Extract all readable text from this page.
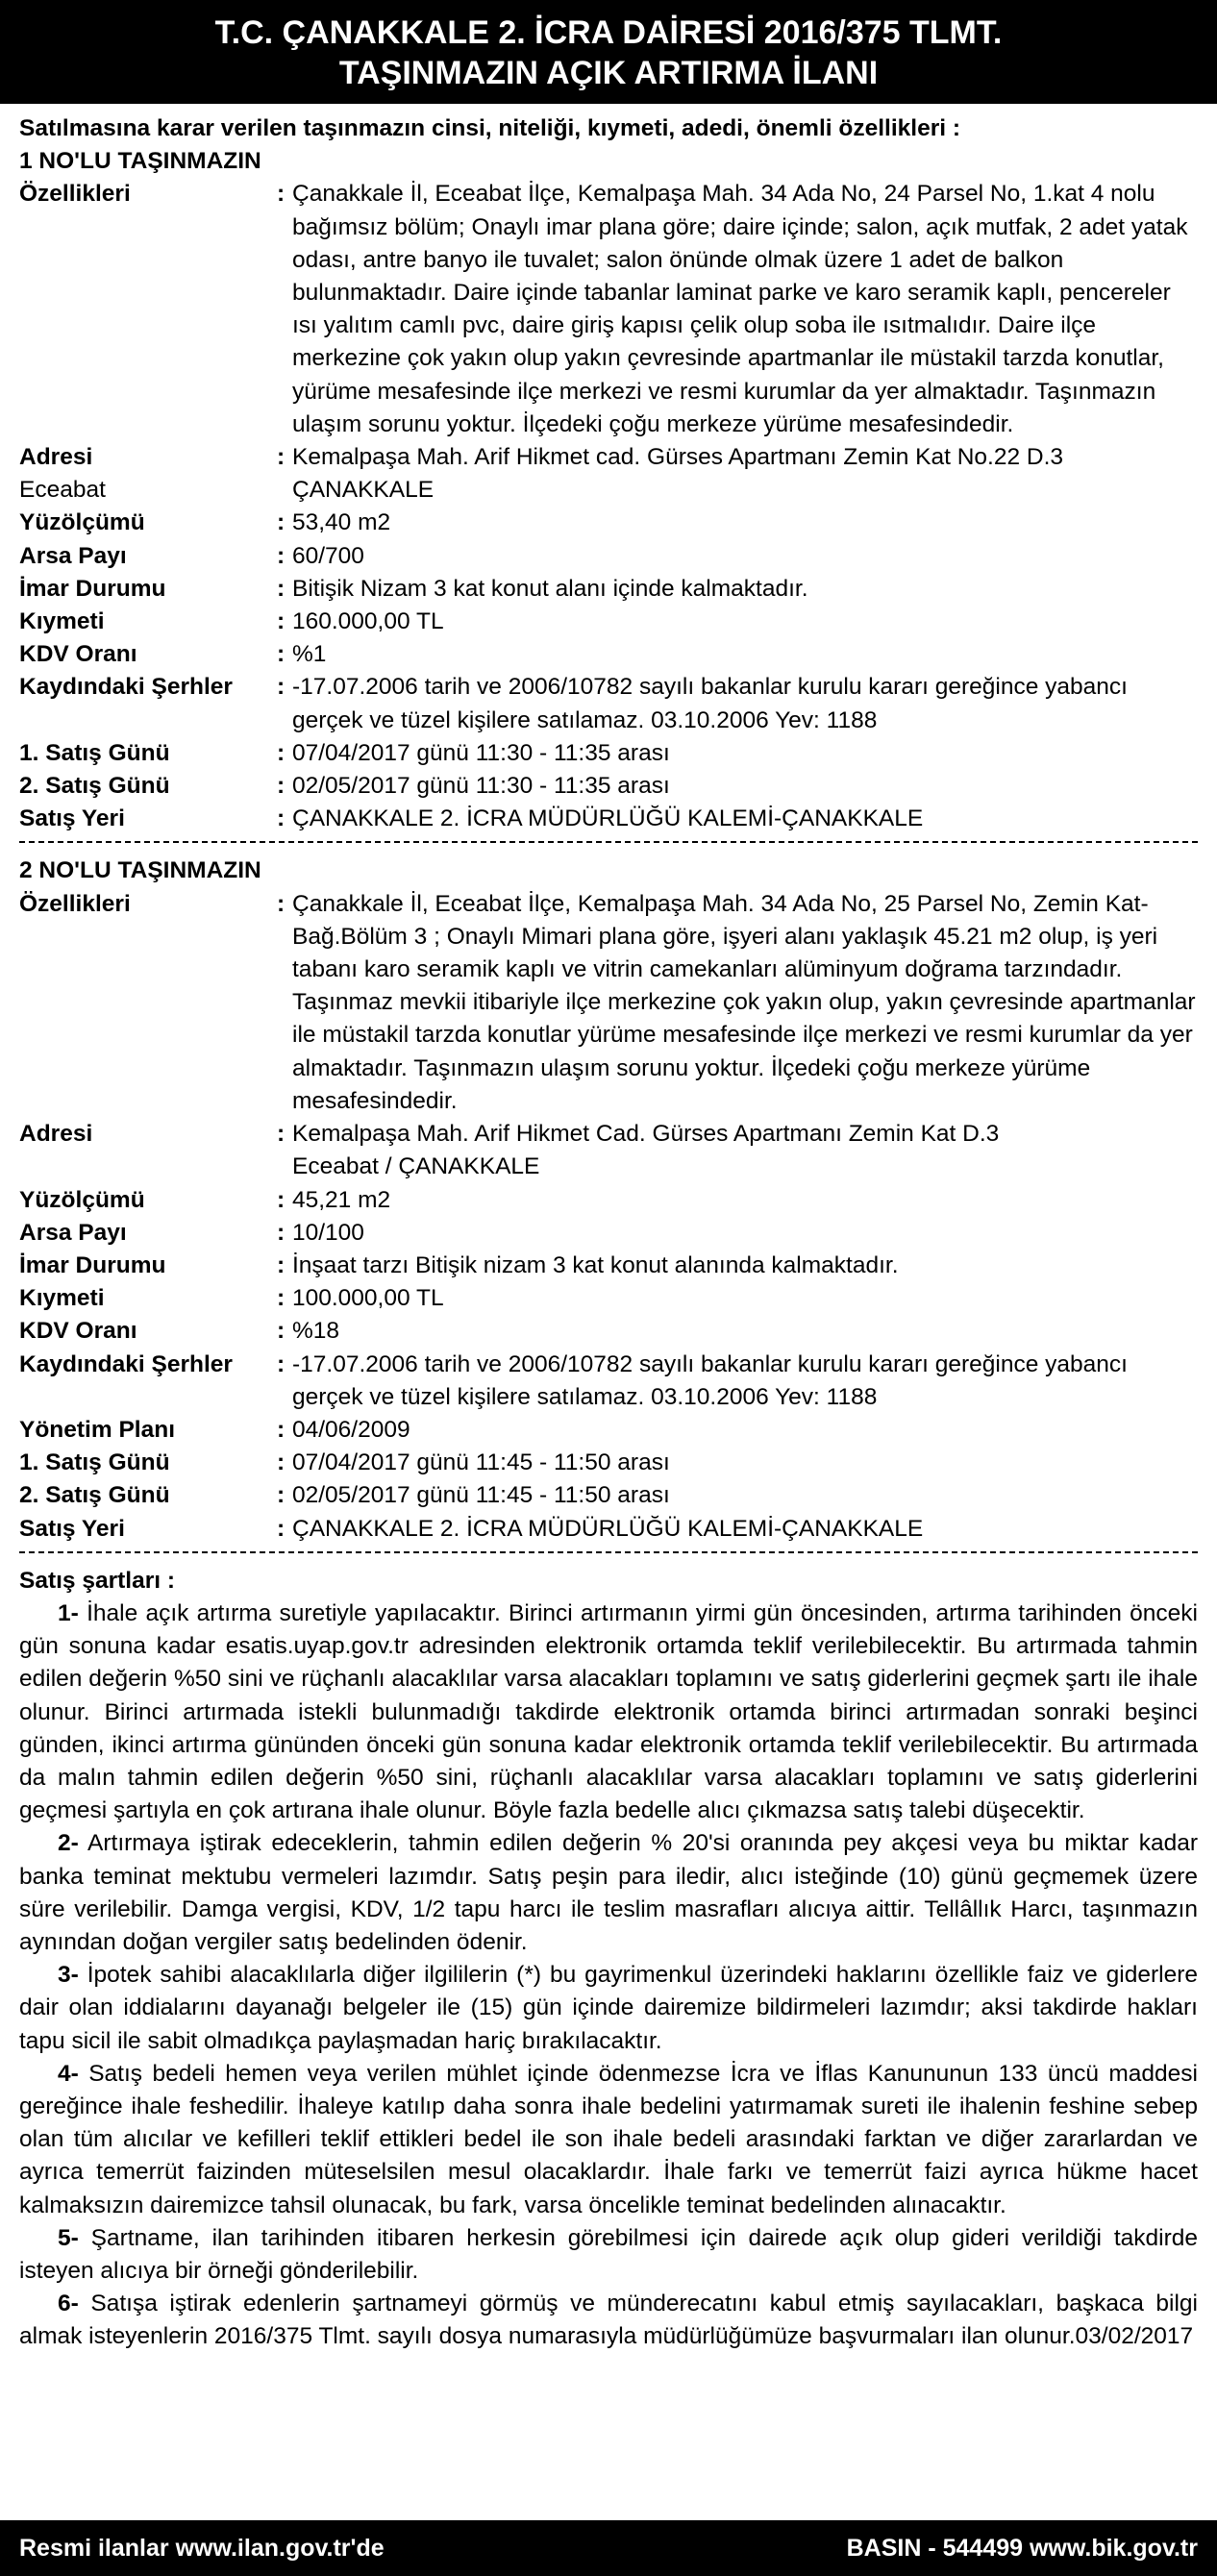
T.C. ÇANAKKALE 2. İCRA DAİRESİ 2016/375 TLMT.
TAŞINMAZIN AÇIK ARTIRMA İLANI
Satılmasına karar verilen taşınmazın cinsi, niteliği, kıymeti, adedi, önemli özellikleri :
1 NO'LU TAŞINMAZIN
Özellikleri	: Çanakkale İl, Eceabat İlçe, Kemalpaşa Mah. 34 Ada No, 24 Parsel No, 1.kat 4 nolu bağımsız bölüm; Onaylı imar plana göre; daire içinde; salon, açık mutfak, 2 adet yatak odası, antre banyo ile tuvalet; salon önünde olmak üzere 1 adet de balkon bulunmaktadır. Daire içinde tabanlar laminat parke ve karo seramik kaplı, pencereler ısı yalıtım camlı pvc, daire giriş kapısı çelik olup soba ile ısıtmalıdır. Daire ilçe merkezine çok yakın olup yakın çevresinde apartmanlar ile müstakil tarzda konutlar, yürüme mesafesinde ilçe merkezi ve resmi kurumlar da yer almaktadır. Taşınmazın ulaşım sorunu yoktur. İlçedeki çoğu merkeze yürüme mesafesindedir.
Adresi	: Kemalpaşa Mah. Arif Hikmet cad. Gürses Apartmanı Zemin Kat No.22 D.3
Eceabat	ÇANAKKALE
Yüzölçümü	: 53,40 m2
Arsa Payı	: 60/700
İmar Durumu	: Bitişik Nizam 3 kat konut alanı içinde kalmaktadır.
Kıymeti	: 160.000,00 TL
KDV Oranı	: %1
Kaydındaki Şerhler	: -17.07.2006 tarih ve 2006/10782 sayılı bakanlar kurulu kararı gereğince yabancı gerçek ve tüzel kişilere satılamaz. 03.10.2006 Yev: 1188
1. Satış Günü	: 07/04/2017 günü 11:30 - 11:35 arası
2. Satış Günü	: 02/05/2017 günü 11:30 - 11:35 arası
Satış Yeri	: ÇANAKKALE 2. İCRA MÜDÜRLÜĞÜ KALEMİ-ÇANAKKALE
2 NO'LU TAŞINMAZIN
Özellikleri	: Çanakkale İl, Eceabat İlçe, Kemalpaşa Mah. 34 Ada No, 25 Parsel No, Zemin Kat-Bağ.Bölüm 3 ; Onaylı Mimari plana göre, işyeri alanı yaklaşık 45.21 m2 olup, iş yeri tabanı karo seramik kaplı ve vitrin camekanları alüminyum doğrama tarzındadır. Taşınmaz mevkii itibariyle ilçe merkezine çok yakın olup, yakın çevresinde apartmanlar ile müstakil tarzda konutlar yürüme mesafesinde ilçe merkezi ve resmi kurumlar da yer almaktadır. Taşınmazın ulaşım sorunu yoktur. İlçedeki çoğu merkeze yürüme mesafesindedir.
Adresi	: Kemalpaşa Mah. Arif Hikmet Cad. Gürses Apartmanı Zemin Kat D.3
Eceabat / ÇANAKKALE
Yüzölçümü	: 45,21 m2
Arsa Payı	: 10/100
İmar Durumu	: İnşaat tarzı Bitişik nizam 3 kat konut alanında kalmaktadır.
Kıymeti	: 100.000,00 TL
KDV Oranı	: %18
Kaydındaki Şerhler	: -17.07.2006 tarih ve 2006/10782 sayılı bakanlar kurulu kararı gereğince yabancı gerçek ve tüzel kişilere satılamaz. 03.10.2006 Yev: 1188
Yönetim Planı	: 04/06/2009
1. Satış Günü	: 07/04/2017 günü 11:45 - 11:50 arası
2. Satış Günü	: 02/05/2017 günü 11:45 - 11:50 arası
Satış Yeri	: ÇANAKKALE 2. İCRA MÜDÜRLÜĞÜ KALEMİ-ÇANAKKALE
Satış şartları :
1- İhale açık artırma suretiyle yapılacaktır. Birinci artırmanın yirmi gün öncesinden, artırma tarihinden önceki gün sonuna kadar esatis.uyap.gov.tr adresinden elektronik ortamda teklif verilebilecektir. Bu artırmada tahmin edilen değerin %50 sini ve rüçhanlı alacaklılar varsa alacakları toplamını ve satış giderlerini geçmek şartı ile ihale olunur. Birinci artırmada istekli bulunmadığı takdirde elektronik ortamda birinci artırmadan sonraki beşinci günden, ikinci artırma gününden önceki gün sonuna kadar elektronik ortamda teklif verilebilecektir. Bu artırmada da malın tahmin edilen değerin %50 sini, rüçhanlı alacaklılar varsa alacakları toplamını ve satış giderlerini geçmesi şartıyla en çok artırana ihale olunur. Böyle fazla bedelle alıcı çıkmazsa satış talebi düşecektir.
2- Artırmaya iştirak edeceklerin, tahmin edilen değerin % 20'si oranında pey akçesi veya bu miktar kadar banka teminat mektubu vermeleri lazımdır. Satış peşin para iledir, alıcı isteğinde (10) günü geçmemek üzere süre verilebilir. Damga vergisi, KDV, 1/2 tapu harcı ile teslim masrafları alıcıya aittir. Tellâllık Harcı, taşınmazın aynından doğan vergiler satış bedelinden ödenir.
3- İpotek sahibi alacaklılarla diğer ilgililerin (*) bu gayrimenkul üzerindeki haklarını özellikle faiz ve giderlere dair olan iddialarını dayanağı belgeler ile (15) gün içinde dairemize bildirmeleri lazımdır; aksi takdirde hakları tapu sicil ile sabit olmadıkça paylaşmadan hariç bırakılacaktır.
4- Satış bedeli hemen veya verilen mühlet içinde ödenmezse İcra ve İflas Kanununun 133 üncü maddesi gereğince ihale feshedilir. İhaleye katılıp daha sonra ihale bedelini yatırmamak sureti ile ihalenin feshine sebep olan tüm alıcılar ve kefilleri teklif ettikleri bedel ile son ihale bedeli arasındaki farktan ve diğer zararlardan ve ayrıca temerrüt faizinden müteselsilen mesul olacaklardır. İhale farkı ve temerrüt faizi ayrıca hükme hacet kalmaksızın dairemizce tahsil olunacak, bu fark, varsa öncelikle teminat bedelinden alınacaktır.
5- Şartname, ilan tarihinden itibaren herkesin görebilmesi için dairede açık olup gideri verildiği takdirde isteyen alıcıya bir örneği gönderilebilir.
6- Satışa iştirak edenlerin şartnameyi görmüş ve münderecatını kabul etmiş sayılacakları, başkaca bilgi almak isteyenlerin 2016/375 Tlmt. sayılı dosya numarasıyla müdürlüğümüze başvurmaları ilan olunur.03/02/2017
Resmi ilanlar www.ilan.gov.tr'de	BASIN - 544499 www.bik.gov.tr
